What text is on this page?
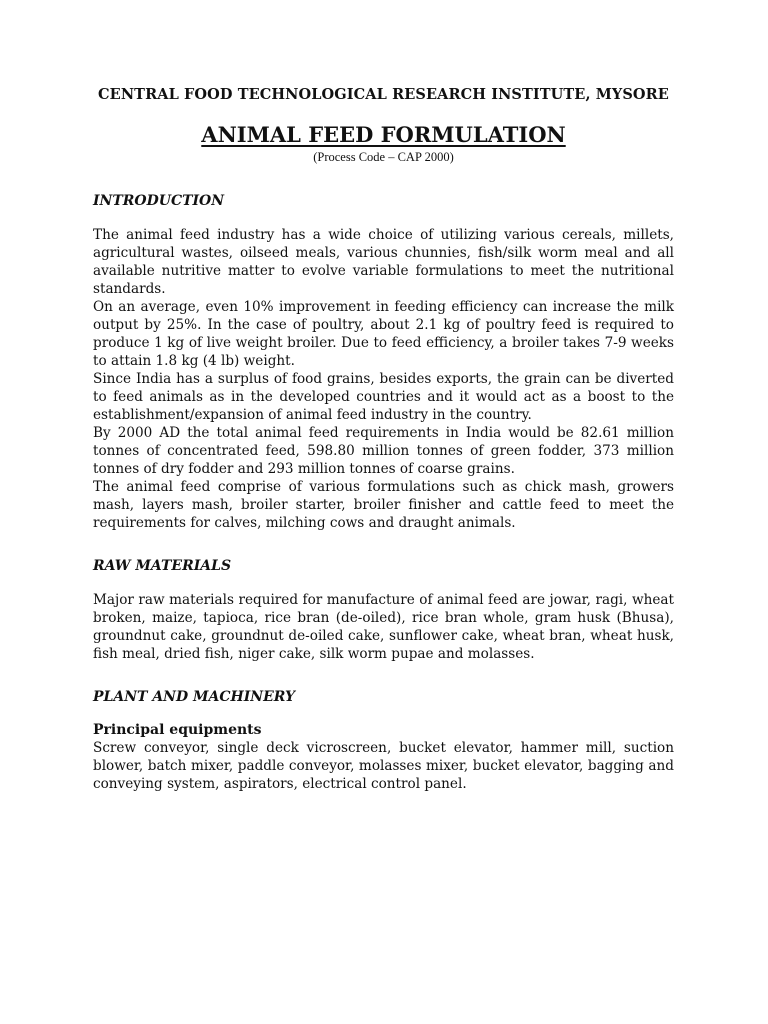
CENTRAL FOOD TECHNOLOGICAL RESEARCH INSTITUTE, MYSORE

ANIMAL FEED FORMULATION

(Process Code – CAP 2000)

INTRODUCTION

The animal feed industry has a wide choice of utilizing various cereals, millets, agricultural wastes, oilseed meals, various chunnies, fish/silk worm meal and all available nutritive matter to evolve variable formulations to meet the nutritional standards.

On an average, even 10% improvement in feeding efficiency can increase the milk output by 25%. In the case of poultry, about 2.1 kg of poultry feed is required to produce 1 kg of live weight broiler. Due to feed efficiency, a broiler takes 7-9 weeks to attain 1.8 kg (4 lb) weight.

Since India has a surplus of food grains, besides exports, the grain can be diverted to feed animals as in the developed countries and it would act as a boost to the establishment/expansion of animal feed industry in the country.

By 2000 AD the total animal feed requirements in India would be 82.61 million tonnes of concentrated feed, 598.80 million tonnes of green fodder, 373 million tonnes of dry fodder and 293 million tonnes of coarse grains.

The animal feed comprise of various formulations such as chick mash, growers mash, layers mash, broiler starter, broiler finisher and cattle feed to meet the requirements for calves, milching cows and draught animals.

RAW MATERIALS

Major raw materials required for manufacture of animal feed are jowar, ragi, wheat broken, maize, tapioca, rice bran (de-oiled), rice bran whole, gram husk (Bhusa), groundnut cake, groundnut de-oiled cake, sunflower cake, wheat bran, wheat husk, fish meal, dried fish, niger cake, silk worm pupae and molasses.

PLANT AND MACHINERY

Principal equipments

Screw conveyor, single deck vicroscreen, bucket elevator, hammer mill, suction blower, batch mixer, paddle conveyor, molasses mixer, bucket elevator, bagging and conveying system, aspirators, electrical control panel.
